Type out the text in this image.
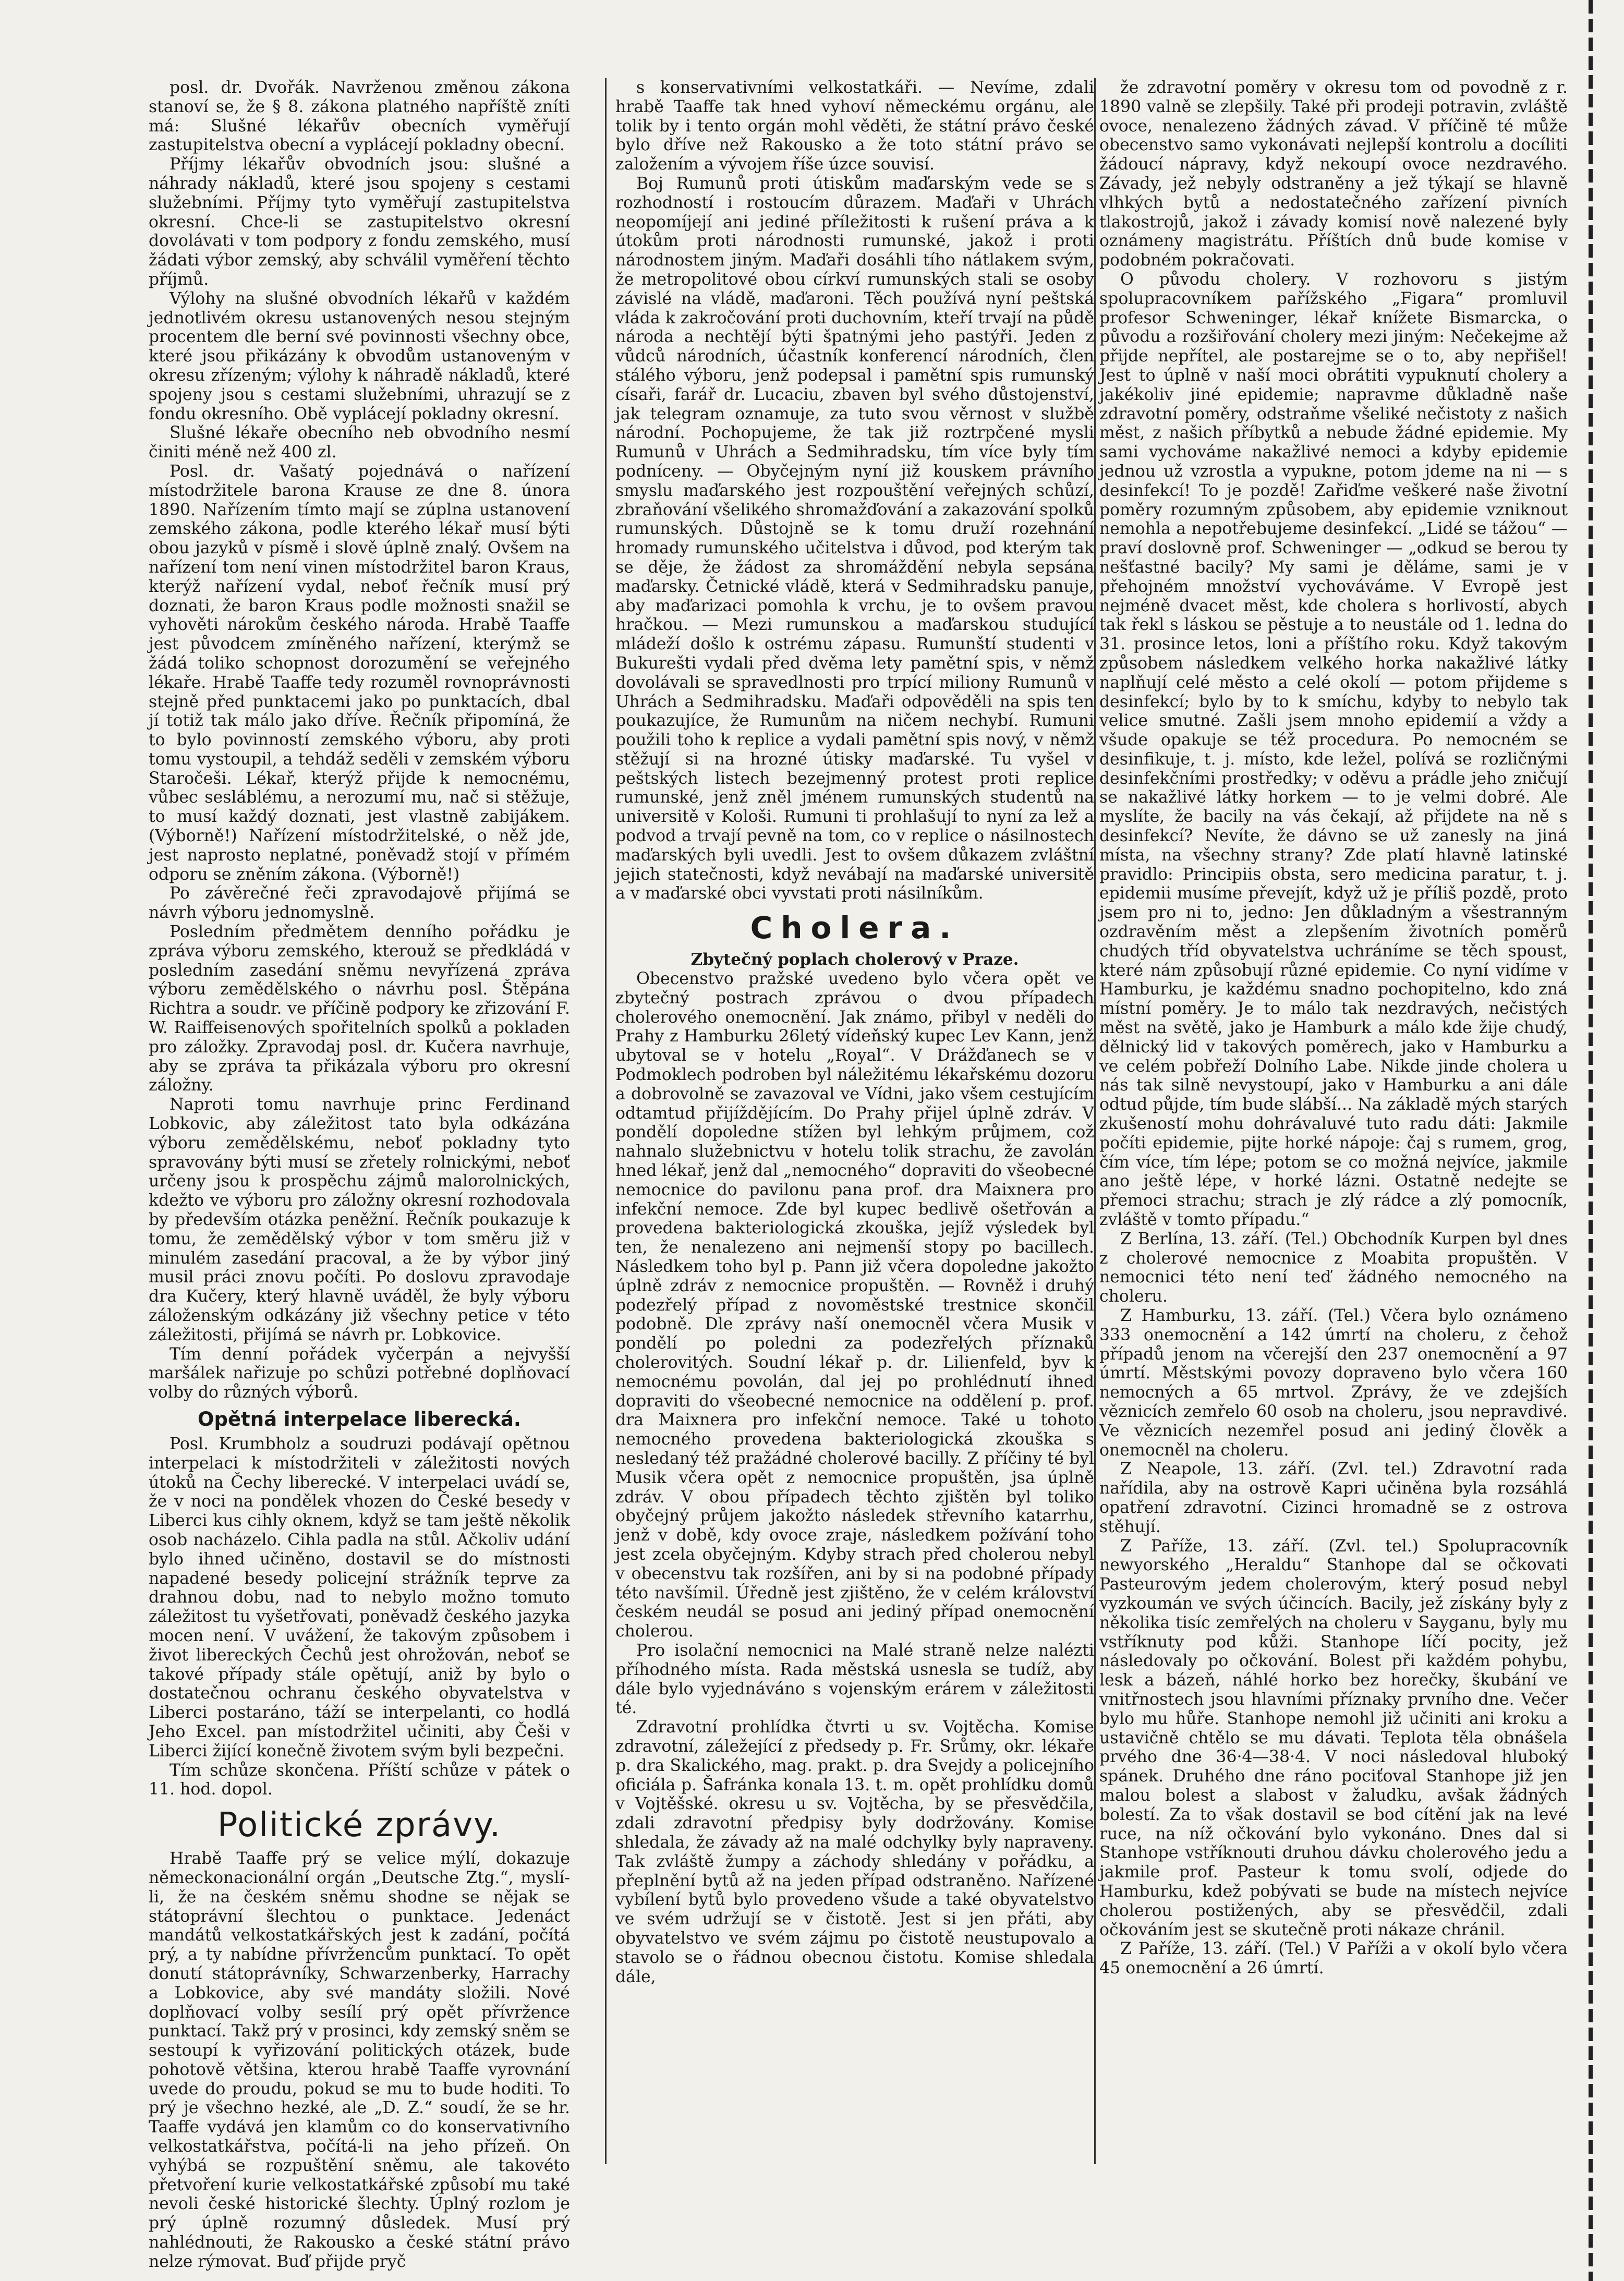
posl. dr. Dvořák. Navrženou změnou zákona stanoví se, že § 8. zákona platného napříště zníti má: Slušné lékařův obecních vyměřují zastupitelstva obecní a vyplácejí pokladny obecní.

Příjmy lékařův obvodních jsou: slušné a náhrady nákladů, které jsou spojeny s cestami služebními. Příjmy tyto vyměřují zastupitelstva okresní. Chce-li se zastupitelstvo okresní dovolávati v tom podpory z fondu zemského, musí žádati výbor zemský, aby schválil vyměření těchto příjmů.

Výlohy na slušné obvodních lékařů v každém jednotlivém okresu ustanovených nesou stejným procentem dle berní své povinnosti všechny obce, které jsou přikázány k obvodům ustanoveným v okresu zřízeným; výlohy k náhradě nákladů, které spojeny jsou s cestami služebními, uhrazují se z fondu okresního. Obě vyplácejí pokladny okresní.

Slušné lékaře obecního neb obvodního nesmí činiti méně než 400 zl.

Posl. dr. Vašatý pojednává o nařízení místodržitele barona Krause ze dne 8. února 1890. Nařízením tímto mají se zúplna ustanovení zemského zákona, podle kterého lékař musí býti obou jazyků v písmě i slově úplně znalý. Ovšem na nařízení tom není vinen místodržitel baron Kraus, kterýž nařízení vydal, neboť řečník musí prý doznati, že baron Kraus podle možnosti snažil se vyhověti nárokům českého národa. Hrabě Taaffe jest původcem zmíněného nařízení, kterýmž se žádá toliko schopnost dorozumění se veřejného lékaře. Hrabě Taaffe tedy rozuměl rovnoprávnosti stejně před punktacemi jako po punktacích, dbal jí totiž tak málo jako dříve. Řečník připomíná, že to bylo povinností zemského výboru, aby proti tomu vystoupil, a tehdáž seděli v zemském výboru Staročeši. Lékař, kterýž přijde k nemocnému, vůbec sesláblému, a nerozumí mu, nač si stěžuje, to musí každý doznati, jest vlastně zabijákem. (Výborně!) Nařízení místodržitelské, o něž jde, jest naprosto neplatné, poněvadž stojí v přímém odporu se zněním zákona. (Výborně!)

Po závěrečné řeči zpravodajově přijímá se návrh výboru jednomyslně.

Posledním předmětem denního pořádku je zpráva výboru zemského, kterouž se předkládá v posledním zasedání sněmu nevyřízená zpráva výboru zemědělského o návrhu posl. Štěpána Richtra a soudr. ve příčině podpory ke zřizování F. W. Raiffeisenových spořitelních spolků a pokladen pro záložky. Zpravodaj posl. dr. Kučera navrhuje, aby se zpráva ta přikázala výboru pro okresní záložny.

Naproti tomu navrhuje princ Ferdinand Lobkovic, aby záležitost tato byla odkázána výboru zemědělskému, neboť pokladny tyto spravovány býti musí se zřetely rolnickými, neboť určeny jsou k prospěchu zájmů malorolnických, kdežto ve výboru pro záložny okresní rozhodovala by především otázka peněžní. Řečník poukazuje k tomu, že zemědělský výbor v tom směru již v minulém zasedání pracoval, a že by výbor jiný musil práci znovu počíti. Po doslovu zpravodaje dra Kučery, který hlavně uváděl, že byly výboru záloženským odkázány již všechny petice v této záležitosti, přijímá se návrh pr. Lobkovice.

Tím denní pořádek vyčerpán a nejvyšší maršálek nařizuje po schůzi potřebné doplňovací volby do různých výborů.

Opětná interpelace liberecká.

Posl. Krumbholz a soudruzi podávají opětnou interpelaci k místodržiteli v záležitosti nových útoků na Čechy liberecké. V interpelaci uvádí se, že v noci na pondělek vhozen do České besedy v Liberci kus cihly oknem, když se tam ještě několik osob nacházelo. Cihla padla na stůl. Ačkoliv udání bylo ihned učiněno, dostavil se do místnosti napadené besedy policejní strážník teprve za drahnou dobu, nad to nebylo možno tomuto záležitost tu vyšetřovati, poněvadž českého jazyka mocen není. V uvážení, že takovým způsobem i život libereckých Čechů jest ohrožován, neboť se takové případy stále opětují, aniž by bylo o dostatečnou ochranu českého obyvatelstva v Liberci postaráno, táží se interpelanti, co hodlá Jeho Excel. pan místodržitel učiniti, aby Češi v Liberci žijící konečně životem svým byli bezpečni.

Tím schůze skončena. Příští schůze v pátek o 11. hod. dopol.

Politické zprávy.

Hrabě Taaffe prý se velice mýlí, dokazuje německonacionální orgán „Deutsche Ztg.“, myslí-li, že na českém sněmu shodne se nějak se státoprávní šlechtou o punktace. Jedenáct mandátů velkostatkářských jest k zadání, počítá prý, a ty nabídne přívržencům punktací. To opět donutí státoprávníky, Schwarzenberky, Harrachy a Lobkovice, aby své mandáty složili. Nové doplňovací volby sesílí prý opět přívržence punktací. Takž prý v prosinci, kdy zemský sněm se sestoupí k vyřizování politických otázek, bude pohotově většina, kterou hrabě Taaffe vyrovnání uvede do proudu, pokud se mu to bude hoditi. To prý je všechno hezké, ale „D. Z.“ soudí, že se hr. Taaffe vydává jen klamům co do konservativního velkostatkářstva, počítá-li na jeho přízeň. On vyhýbá se rozpuštění sněmu, ale takovéto přetvoření kurie velkostatkářské způsobí mu také nevoli české historické šlechty. Úplný rozlom je prý úplně rozumný důsledek. Musí prý nahlédnouti, že Rakousko a české státní právo nelze rýmovat. Buď přijde pryč

s konservativními velkostatkáři. — Nevíme, zdali hrabě Taaffe tak hned vyhoví německému orgánu, ale tolik by i tento orgán mohl věděti, že státní právo české bylo dříve než Rakousko a že toto státní právo se založením a vývojem říše úzce souvisí.

Boj Rumunů proti útiskům maďarským vede se s rozhodností i rostoucím důrazem. Maďaři v Uhrách neopomíjejí ani jediné příležitosti k rušení práva a k útokům proti národnosti rumunské, jakož i proti národnostem jiným. Maďaři dosáhli tího nátlakem svým, že metropolitové obou církví rumunských stali se osoby závislé na vládě, maďaroni. Těch používá nyní peštská vláda k zakročování proti duchovním, kteří trvají na půdě národa a nechtějí býti špatnými jeho pastýři. Jeden z vůdců národních, účastník konferencí národních, člen stálého výboru, jenž podepsal i pamětní spis rumunský císaři, farář dr. Lucaciu, zbaven byl svého důstojenství, jak telegram oznamuje, za tuto svou věrnost v službě národní. Pochopujeme, že tak již roztrpčené mysli Rumunů v Uhrách a Sedmihradsku, tím více byly tím podníceny. — Obyčejným nyní již kouskem právního smyslu maďarského jest rozpouštění veřejných schůzí, zbraňování všelikého shromažďování a zakazování spolků rumunských. Důstojně se k tomu druží rozehnání hromady rumunského učitelstva i důvod, pod kterým tak se děje, že žádost za shromáždění nebyla sepsána maďarsky. Četnické vládě, která v Sedmihradsku panuje, aby maďarizaci pomohla k vrchu, je to ovšem pravou hračkou. — Mezi rumunskou a maďarskou studující mládeží došlo k ostrému zápasu. Rumunští studenti v Bukurešti vydali před dvěma lety pamětní spis, v němž dovolávali se spravedlnosti pro trpící miliony Rumunů v Uhrách a Sedmihradsku. Maďaři odpověděli na spis ten poukazujíce, že Rumunům na ničem nechybí. Rumuni použili toho k replice a vydali pamětní spis nový, v němž stěžují si na hrozné útisky maďarské. Tu vyšel v peštských listech bezejmenný protest proti replice rumunské, jenž zněl jménem rumunských studentů na universitě v Kološi. Rumuni ti prohlašují to nyní za lež a podvod a trvají pevně na tom, co v replice o násilnostech maďarských byli uvedli. Jest to ovšem důkazem zvláštní jejich statečnosti, když nevábají na maďarské universitě a v maďarské obci vyvstati proti násilníkům.

Cholera.

Zbytečný poplach cholerový v Praze.

Obecenstvo pražské uvedeno bylo včera opět ve zbytečný postrach zprávou o dvou případech cholerového onemocnění. Jak známo, přibyl v neděli do Prahy z Hamburku 26letý vídeňský kupec Lev Kann, jenž ubytoval se v hotelu „Royal“. V Drážďanech se v Podmoklech podroben byl náležitému lékařskému dozoru a dobrovolně se zavazoval ve Vídni, jako všem cestujícím odtamtud přijíždějícím. Do Prahy přijel úplně zdráv. V pondělí dopoledne stížen byl lehkým průjmem, což nahnalo služebnictvu v hotelu tolik strachu, že zavolán hned lékař, jenž dal „nemocného“ dopraviti do všeobecné nemocnice do pavilonu pana prof. dra Maixnera pro infekční nemoce. Zde byl kupec bedlivě ošetřován a provedena bakteriologická zkouška, jejíž výsledek byl ten, že nenalezeno ani nejmenší stopy po bacillech. Následkem toho byl p. Pann již včera dopoledne jakožto úplně zdráv z nemocnice propuštěn. — Rovněž i druhý podezřelý případ z novoměstské trestnice skončil podobně. Dle zprávy naší onemocněl včera Musik v pondělí po poledni za podezřelých příznaků cholerovitých. Soudní lékař p. dr. Lilienfeld, byv k nemocnému povolán, dal jej po prohlédnutí ihned dopraviti do všeobecné nemocnice na oddělení p. prof. dra Maixnera pro infekční nemoce. Také u tohoto nemocného provedena bakteriologická zkouška s nesledaný též pražádné cholerové bacilly. Z příčiny té byl Musik včera opět z nemocnice propuštěn, jsa úplně zdráv. V obou případech těchto zjištěn byl toliko obyčejný průjem jakožto následek střevního katarrhu, jenž v době, kdy ovoce zraje, následkem požívání toho jest zcela obyčejným. Kdyby strach před cholerou nebyl v obecenstvu tak rozšířen, ani by si na podobné případy této navšímil. Úředně jest zjištěno, že v celém království českém neudál se posud ani jediný případ onemocnění cholerou.

Pro isolační nemocnici na Malé straně nelze nalézti příhodného místa. Rada městská usnesla se tudíž, aby dále bylo vyjednáváno s vojenským erárem v záležitosti té.

Zdravotní prohlídka čtvrti u sv. Vojtěcha. Komise zdravotní, záležející z předsedy p. Fr. Srůmy, okr. lékaře p. dra Skalického, mag. prakt. p. dra Svejdy a policejního oficiála p. Šafránka konala 13. t. m. opět prohlídku domů v Vojtěšské. okresu u sv. Vojtěcha, by se přesvědčila, zdali zdravotní předpisy byly dodržovány. Komise shledala, že závady až na malé odchylky byly napraveny. Tak zvláště žumpy a záchody shledány v pořádku, a přeplnění bytů až na jeden případ odstraněno. Nařízené vybílení bytů bylo provedeno všude a také obyvatelstvo ve svém udržují se v čistotě. Jest si jen přáti, aby obyvatelstvo ve svém zájmu po čistotě neustupovalo a stavolo se o řádnou obecnou čistotu. Komise shledala dále,

že zdravotní poměry v okresu tom od povodně z r. 1890 valně se zlepšily. Také při prodeji potravin, zvláště ovoce, nenalezeno žádných závad. V příčině té může obecenstvo samo vykonávati nejlepší kontrolu a docíliti žádoucí nápravy, když nekoupí ovoce nezdravého. Závady, jež nebyly odstraněny a jež týkají se hlavně vlhkých bytů a nedostatečného zařízení pivních tlakostrojů, jakož i závady komisí nově nalezené byly oznámeny magistrátu. Příštích dnů bude komise v podobném pokračovati.

O původu cholery. V rozhovoru s jistým spolupracovníkem pařížského „Figara“ promluvil profesor Schweninger, lékař knížete Bismarcka, o původu a rozšiřování cholery mezi jiným: Nečekejme až přijde nepřítel, ale postarejme se o to, aby nepřišel! Jest to úplně v naší moci obrátiti vypuknutí cholery a jakékoliv jiné epidemie; napravme důkladně naše zdravotní poměry, odstraňme všeliké nečistoty z našich měst, z našich příbytků a nebude žádné epidemie. My sami vychováme nakažlivé nemoci a kdyby epidemie jednou už vzrostla a vypukne, potom jdeme na ni — s desinfekcí! To je pozdě! Zařiďme veškeré naše životní poměry rozumným způsobem, aby epidemie vzniknout nemohla a nepotřebujeme desinfekcí. „Lidé se tážou“ — praví doslovně prof. Schweninger — „odkud se berou ty nešťastné bacily? My sami je děláme, sami je v přehojném množství vychováváme. V Evropě jest nejméně dvacet měst, kde cholera s horlivostí, abych tak řekl s láskou se pěstuje a to neustále od 1. ledna do 31. prosince letos, loni a příštího roku. Když takovým způsobem následkem velkého horka nakažlivé látky naplňují celé město a celé okolí — potom přijdeme s desinfekcí; bylo by to k smíchu, kdyby to nebylo tak velice smutné. Zašli jsem mnoho epidemií a vždy a všude opakuje se též procedura. Po nemocném se desinfikuje, t. j. místo, kde ležel, polívá se rozličnými desinfekčními prostředky; v oděvu a prádle jeho zničují se nakažlivé látky horkem — to je velmi dobré. Ale myslíte, že bacily na vás čekají, až přijdete na ně s desinfekcí? Nevíte, že dávno se už zanesly na jiná místa, na všechny strany? Zde platí hlavně latinské pravidlo: Principiis obsta, sero medicina paratur, t. j. epidemii musíme převejít, když už je příliš pozdě, proto jsem pro ni to, jedno: Jen důkladným a všestranným ozdravěním měst a zlepšením životních poměrů chudých tříd obyvatelstva uchráníme se těch spoust, které nám způsobují různé epidemie. Co nyní vidíme v Hamburku, je každému snadno pochopitelno, kdo zná místní poměry. Je to málo tak nezdravých, nečistých měst na světě, jako je Hamburk a málo kde žije chudý, dělnický lid v takových poměrech, jako v Hamburku a ve celém pobřeží Dolního Labe. Nikde jinde cholera u nás tak silně nevystoupí, jako v Hamburku a ani dále odtud půjde, tím bude slábší... Na základě mých starých zkušeností mohu dohrávaluvé tuto radu dáti: Jakmile počíti epidemie, pijte horké nápoje: čaj s rumem, grog, čím více, tím lépe; potom se co možná nejvíce, jakmile ano ještě lépe, v horké lázni. Ostatně nedejte se přemoci strachu; strach je zlý rádce a zlý pomocník, zvláště v tomto případu.“

Z Berlína, 13. září. (Tel.) Obchodník Kurpen byl dnes z cholerové nemocnice z Moabita propuštěn. V nemocnici této není teď žádného nemocného na choleru.

Z Hamburku, 13. září. (Tel.) Včera bylo oznámeno 333 onemocnění a 142 úmrtí na choleru, z čehož případů jenom na včerejší den 237 onemocnění a 97 úmrtí. Městskými povozy dopraveno bylo včera 160 nemocných a 65 mrtvol. Zprávy, že ve zdejších věznicích zemřelo 60 osob na choleru, jsou nepravdivé. Ve věznicích nezemřel posud ani jediný člověk a onemocněl na choleru.

Z Neapole, 13. září. (Zvl. tel.) Zdravotní rada nařídila, aby na ostrově Kapri učiněna byla rozsáhlá opatření zdravotní. Cizinci hromadně se z ostrova stěhují.

Z Paříže, 13. září. (Zvl. tel.) Spolupracovník newyorského „Heraldu“ Stanhope dal se očkovati Pasteurovým jedem cholerovým, který posud nebyl vyzkoumán ve svých účincích. Bacily, jež získány byly z několika tisíc zemřelých na choleru v Sayganu, byly mu vstříknuty pod kůži. Stanhope líčí pocity, jež následovaly po očkování. Bolest při každém pohybu, lesk a bázeň, náhlé horko bez horečky, škubání ve vnitřnostech jsou hlavními příznaky prvního dne. Večer bylo mu hůře. Stanhope nemohl již učiniti ani kroku a ustavičně chtělo se mu dávati. Teplota těla obnášela prvého dne 36·4—38·4. V noci následoval hluboký spánek. Druhého dne ráno pociťoval Stanhope již jen malou bolest a slabost v žaludku, avšak žádných bolestí. Za to však dostavil se bod cítění jak na levé ruce, na níž očkování bylo vykonáno. Dnes dal si Stanhope vstříknouti druhou dávku cholerového jedu a jakmile prof. Pasteur k tomu svolí, odjede do Hamburku, kdež pobývati se bude na místech nejvíce cholerou postižených, aby se přesvědčil, zdali očkováním jest se skutečně proti nákaze chránil.

Z Paříže, 13. září. (Tel.) V Paříži a v okolí bylo včera 45 onemocnění a 26 úmrtí.
